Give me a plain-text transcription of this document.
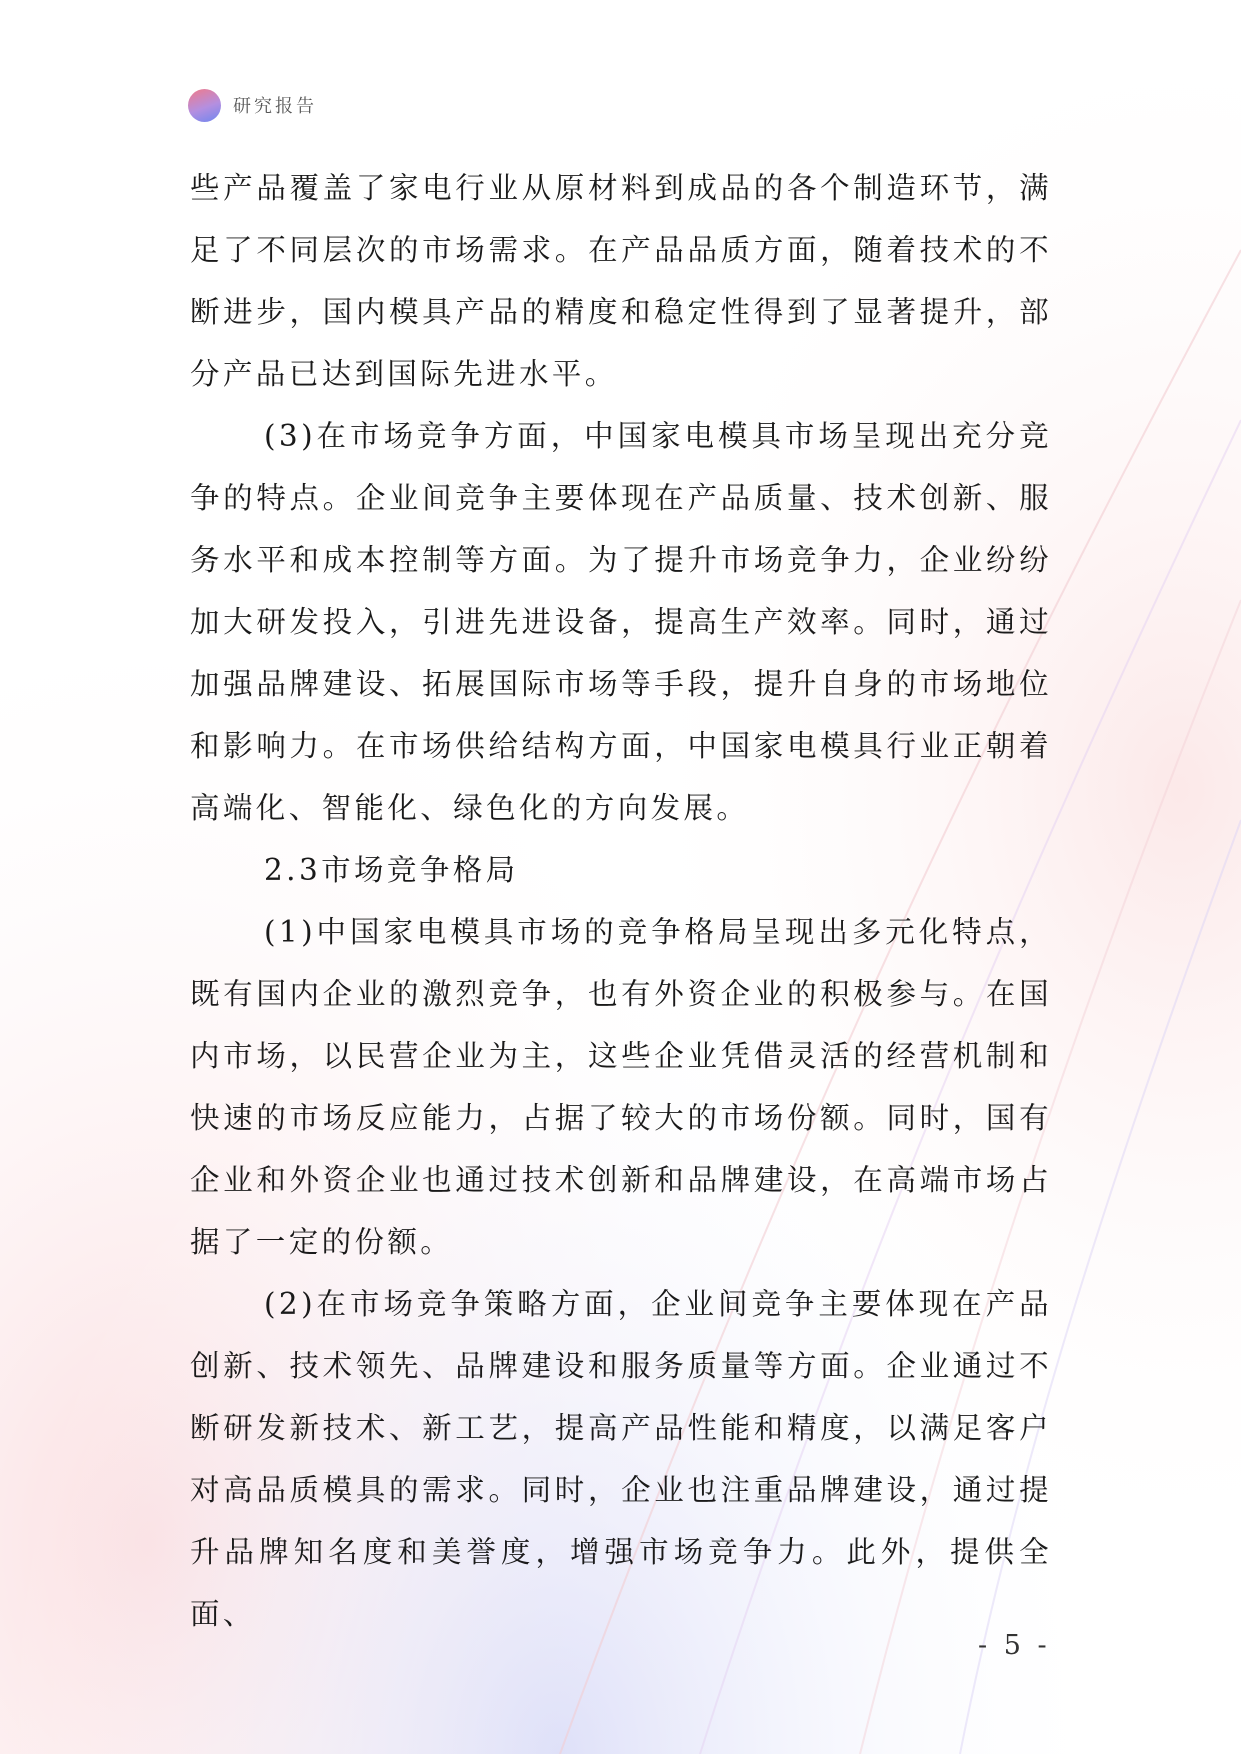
研究报告

些产品覆盖了家电行业从原材料到成品的各个制造环节，满足了不同层次的市场需求。在产品品质方面，随着技术的不断进步，国内模具产品的精度和稳定性得到了显著提升，部分产品已达到国际先进水平。

(3)在市场竞争方面，中国家电模具市场呈现出充分竞争的特点。企业间竞争主要体现在产品质量、技术创新、服务水平和成本控制等方面。为了提升市场竞争力，企业纷纷加大研发投入，引进先进设备，提高生产效率。同时，通过加强品牌建设、拓展国际市场等手段，提升自身的市场地位和影响力。在市场供给结构方面，中国家电模具行业正朝着高端化、智能化、绿色化的方向发展。

2.3市场竞争格局

(1)中国家电模具市场的竞争格局呈现出多元化特点，既有国内企业的激烈竞争，也有外资企业的积极参与。在国内市场，以民营企业为主，这些企业凭借灵活的经营机制和快速的市场反应能力，占据了较大的市场份额。同时，国有企业和外资企业也通过技术创新和品牌建设，在高端市场占据了一定的份额。

(2)在市场竞争策略方面，企业间竞争主要体现在产品创新、技术领先、品牌建设和服务质量等方面。企业通过不断研发新技术、新工艺，提高产品性能和精度，以满足客户对高品质模具的需求。同时，企业也注重品牌建设，通过提升品牌知名度和美誉度，增强市场竞争力。此外，提供全面、

- 5 -
